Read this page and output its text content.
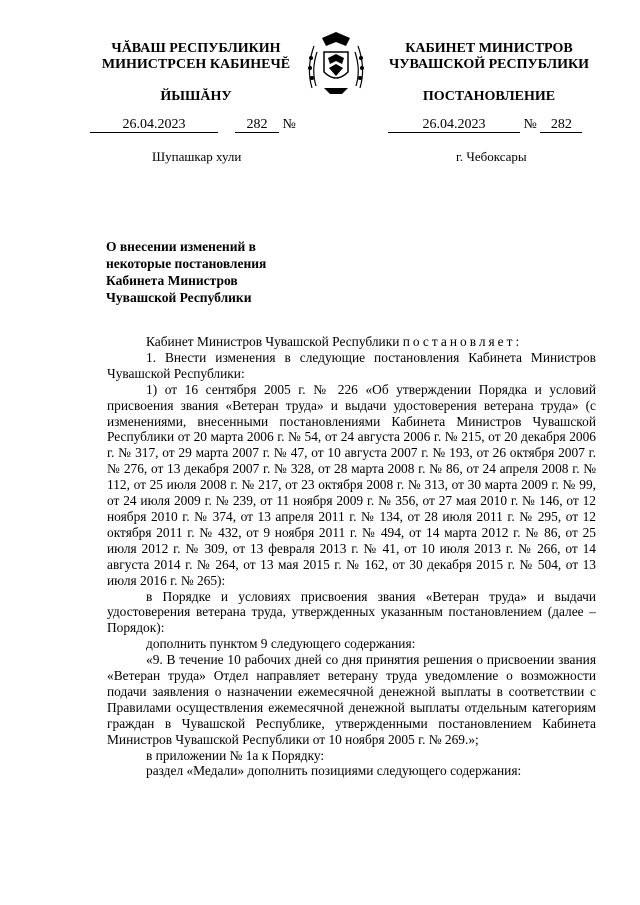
ЧĂВАШ РЕСПУБЛИКИН
МИНИСТРСЕН КАБИНЕЧĔ
КАБИНЕТ МИНИСТРОВ
ЧУВАШСКОЙ РЕСПУБЛИКИ
ЙЫШĂНУ	ПОСТАНОВЛЕНИЕ
26.04.2023	282 №	26.04.2023	№ 282
Шупашкар хули	г. Чебоксары
О внесении изменений в некоторые постановления Кабинета Министров Чувашской Республики

Кабинет Министров Чувашской Республики постановляет:

1. Внести изменения в следующие постановления Кабинета Министров Чувашской Республики:

1) от 16 сентября 2005 г. № 226 «Об утверждении Порядка и условий присвоения звания «Ветеран труда» и выдачи удостоверения ветерана труда» (с изменениями, внесенными постановлениями Кабинета Министров Чувашской Республики от 20 марта 2006 г. № 54, от 24 августа 2006 г. № 215, от 20 декабря 2006 г. № 317, от 29 марта 2007 г. № 47, от 10 августа 2007 г. № 193, от 26 октября 2007 г. № 276, от 13 декабря 2007 г. № 328, от 28 марта 2008 г. № 86, от 24 апреля 2008 г. № 112, от 25 июля 2008 г. № 217, от 23 октября 2008 г. № 313, от 30 марта 2009 г. № 99, от 24 июля 2009 г. № 239, от 11 ноября 2009 г. № 356, от 27 мая 2010 г. № 146, от 12 ноября 2010 г. № 374, от 13 апреля 2011 г. № 134, от 28 июля 2011 г. № 295, от 12 октября 2011 г. № 432, от 9 ноября 2011 г. № 494, от 14 марта 2012 г. № 86, от 25 июля 2012 г. № 309, от 13 февраля 2013 г. № 41, от 10 июля 2013 г. № 266, от 14 августа 2014 г. № 264, от 13 мая 2015 г. № 162, от 30 декабря 2015 г. № 504, от 13 июля 2016 г. № 265):

в Порядке и условиях присвоения звания «Ветеран труда» и выдачи удостоверения ветерана труда, утвержденных указанным постановлением (далее – Порядок):

дополнить пунктом 9 следующего содержания:

«9. В течение 10 рабочих дней со дня принятия решения о присвоении звания «Ветеран труда» Отдел направляет ветерану труда уведомление о возможности подачи заявления о назначении ежемесячной денежной выплаты в соответствии с Правилами осуществления ежемесячной денежной выплаты отдельным категориям граждан в Чувашской Республике, утвержденными постановлением Кабинета Министров Чувашской Республики от 10 ноября 2005 г. № 269.»;

в приложении № 1а к Порядку:

раздел «Медали» дополнить позициями следующего содержания:
